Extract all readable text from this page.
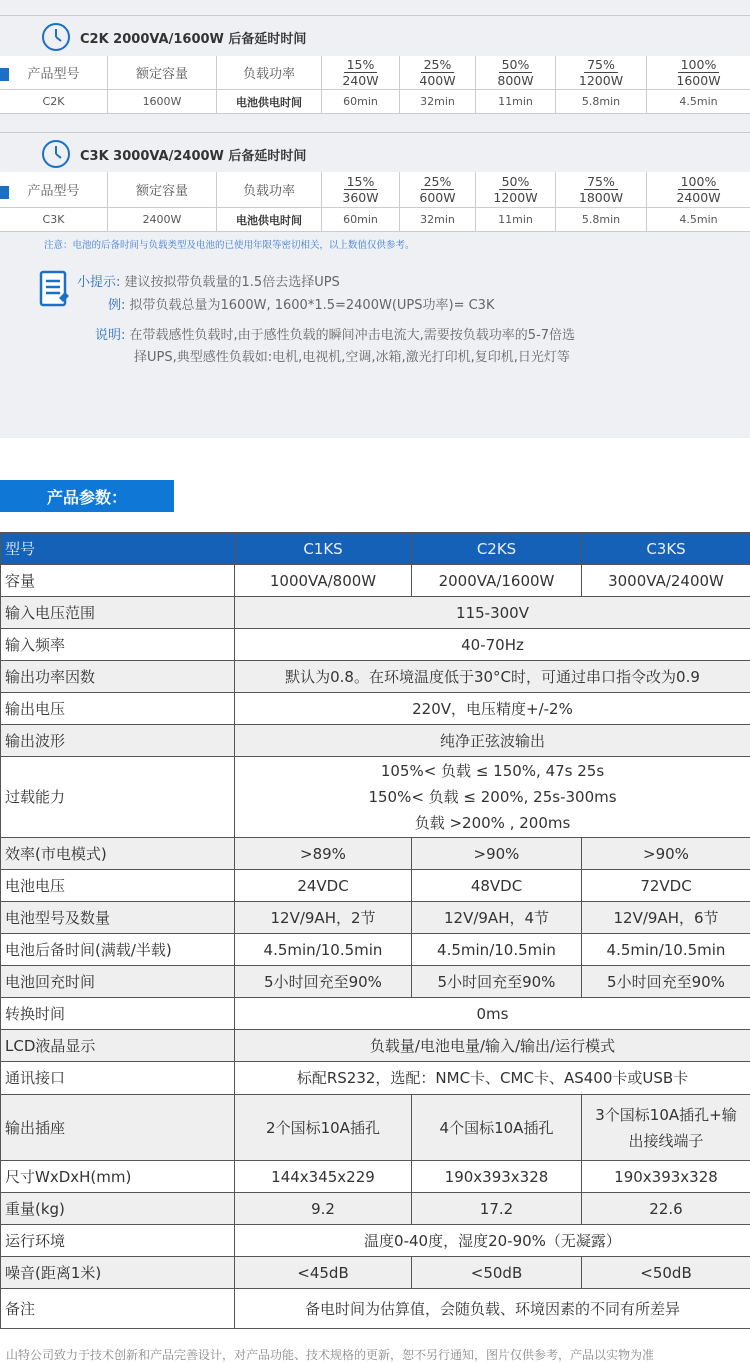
C2K 2000VA/1600W 后备延时时间
产品型号	额定容量	负载功率	$\frac{15\%}{240W}$	$\frac{25\%}{400W}$	$\frac{50\%}{800W}$	$\frac{75\%}{1200W}$	$\frac{100\%}{1600W}$
C2K	1600W	电池供电时间	60min	32min	11min	5.8min	4.5min
C3K 3000VA/2400W 后备延时时间
产品型号	额定容量	负载功率	$\frac{15\%}{360W}$	$\frac{25\%}{600W}$	$\frac{50\%}{1200W}$	$\frac{75\%}{1800W}$	$\frac{100\%}{2400W}$
C3K	2400W	电池供电时间	60min	32min	11min	5.8min	4.5min
注意：电池的后备时间与负载类型及电池的已使用年限等密切相关，以上数值仅供参考。
小提示: 建议按拟带负载量的1.5倍去选择UPS
例: 拟带负载总量为1600W, 1600*1.5=2400W(UPS功率)= C3K
说明: 在带载感性负载时,由于感性负载的瞬间冲击电流大,需要按负载功率的5-7倍选
择UPS,典型感性负载如:电机,电视机,空调,冰箱,激光打印机,复印机,日光灯等
产品参数：
型号	C1KS	C2KS	C3KS
容量	1000VA/800W	2000VA/1600W	3000VA/2400W
输入电压范围	115-300V		
输入频率	40-70Hz		
输出功率因数	默认为0.8。在环境温度低于30°C时，可通过串口指令改为0.9		
输出电压	220V，电压精度+/-2%		
输出波形	纯净正弦波输出		
过载能力	105%< 负载 ≤ 150%, 47s 25s
150%< 负载 ≤ 200%, 25s-300ms
负载 >200% , 200ms		

效率(市电模式)	>89%	>90%	>90%
电池电压	24VDC	48VDC	72VDC
电池型号及数量	12V/9AH，2节	12V/9AH，4节	12V/9AH，6节
电池后备时间(满载/半载)	4.5min/10.5min	4.5min/10.5min	4.5min/10.5min
电池回充时间	5小时回充至90%	5小时回充至90%	5小时回充至90%
转换时间	0ms		
LCD液晶显示	负载量/电池电量/输入/输出/运行模式		
通讯接口	标配RS232，选配：NMC卡、CMC卡、AS400卡或USB卡		
输出插座	2个国标10A插孔	4个国标10A插孔	3个国标10A插孔+输
出接线端子

尺寸WxDxH(mm)	144x345x229	190x393x328	190x393x328
重量(kg)	9.2	17.2	22.6
运行环境	温度0-40度，湿度20-90%（无凝露）		
噪音(距离1米)	<45dB	<50dB	<50dB
备注	备电时间为估算值，会随负载、环境因素的不同有所差异		
山特公司致力于技术创新和产品完善设计，对产品功能、技术规格的更新，恕不另行通知，图片仅供参考，产品以实物为准
